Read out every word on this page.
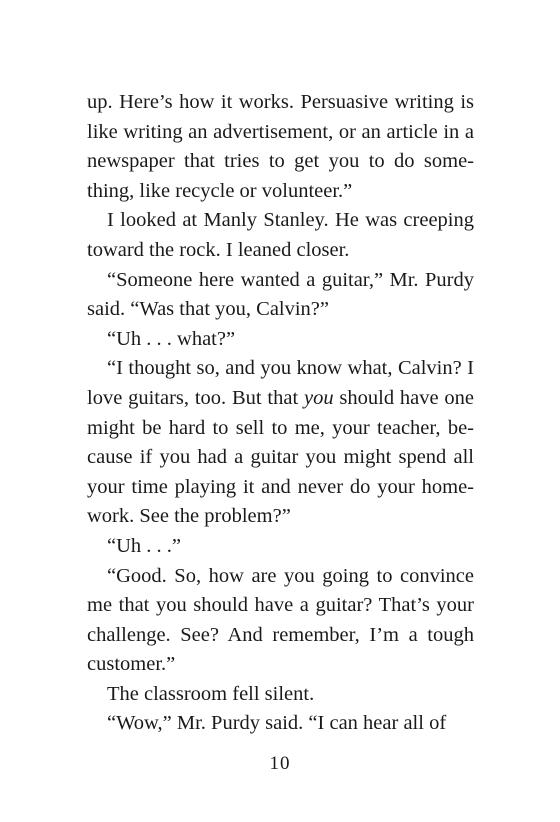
up. Here’s how it works. Persuasive writing is like writing an advertisement, or an article in a newspaper that tries to get you to do something, like recycle or volunteer.”

I looked at Manly Stanley. He was creeping toward the rock. I leaned closer.

“Someone here wanted a guitar,” Mr. Purdy said. “Was that you, Calvin?”

“Uh . . . what?”

“I thought so, and you know what, Calvin? I love guitars, too. But that you should have one might be hard to sell to me, your teacher, because if you had a guitar you might spend all your time playing it and never do your homework. See the problem?”

“Uh . . .”

“Good. So, how are you going to convince me that you should have a guitar? That’s your challenge. See? And remember, I’m a tough customer.”

The classroom fell silent.

“Wow,” Mr. Purdy said. “I can hear all of

10
